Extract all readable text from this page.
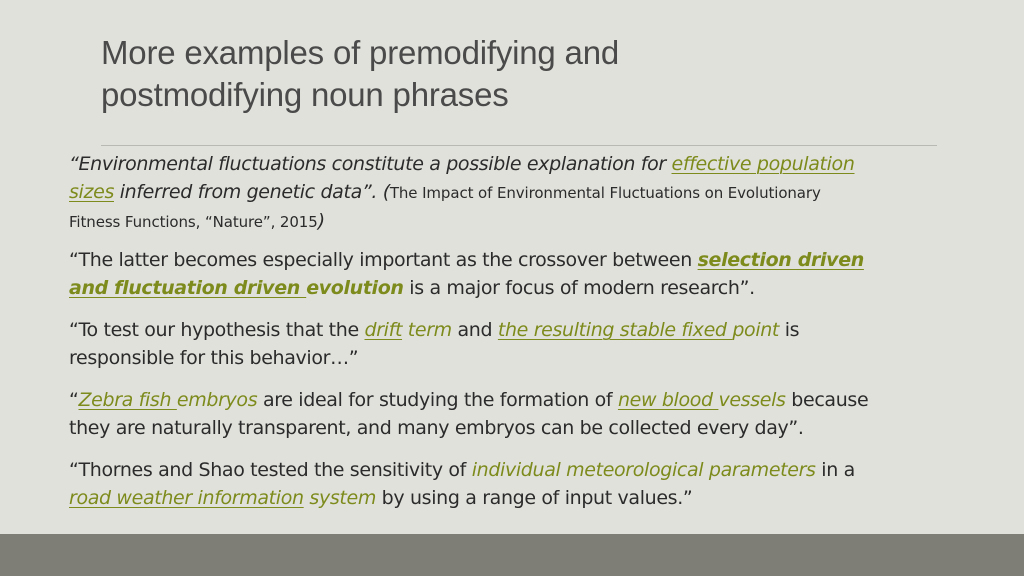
More examples of premodifying and
postmodifying noun phrases

“Environmental fluctuations constitute a possible explanation for effective population
sizes inferred from genetic data”. (The Impact of Environmental Fluctuations on Evolutionary
Fitness Functions, “Nature”, 2015)

“The latter becomes especially important as the crossover between selection driven
and fluctuation driven evolution is a major focus of modern research”.

“To test our hypothesis that the drift term and the resulting stable fixed point is
responsible for this behavior…”

“Zebra fish embryos are ideal for studying the formation of new blood vessels because
they are naturally transparent, and many embryos can be collected every day”.

“Thornes and Shao tested the sensitivity of individual meteorological parameters in a
road weather information system by using a range of input values.”
